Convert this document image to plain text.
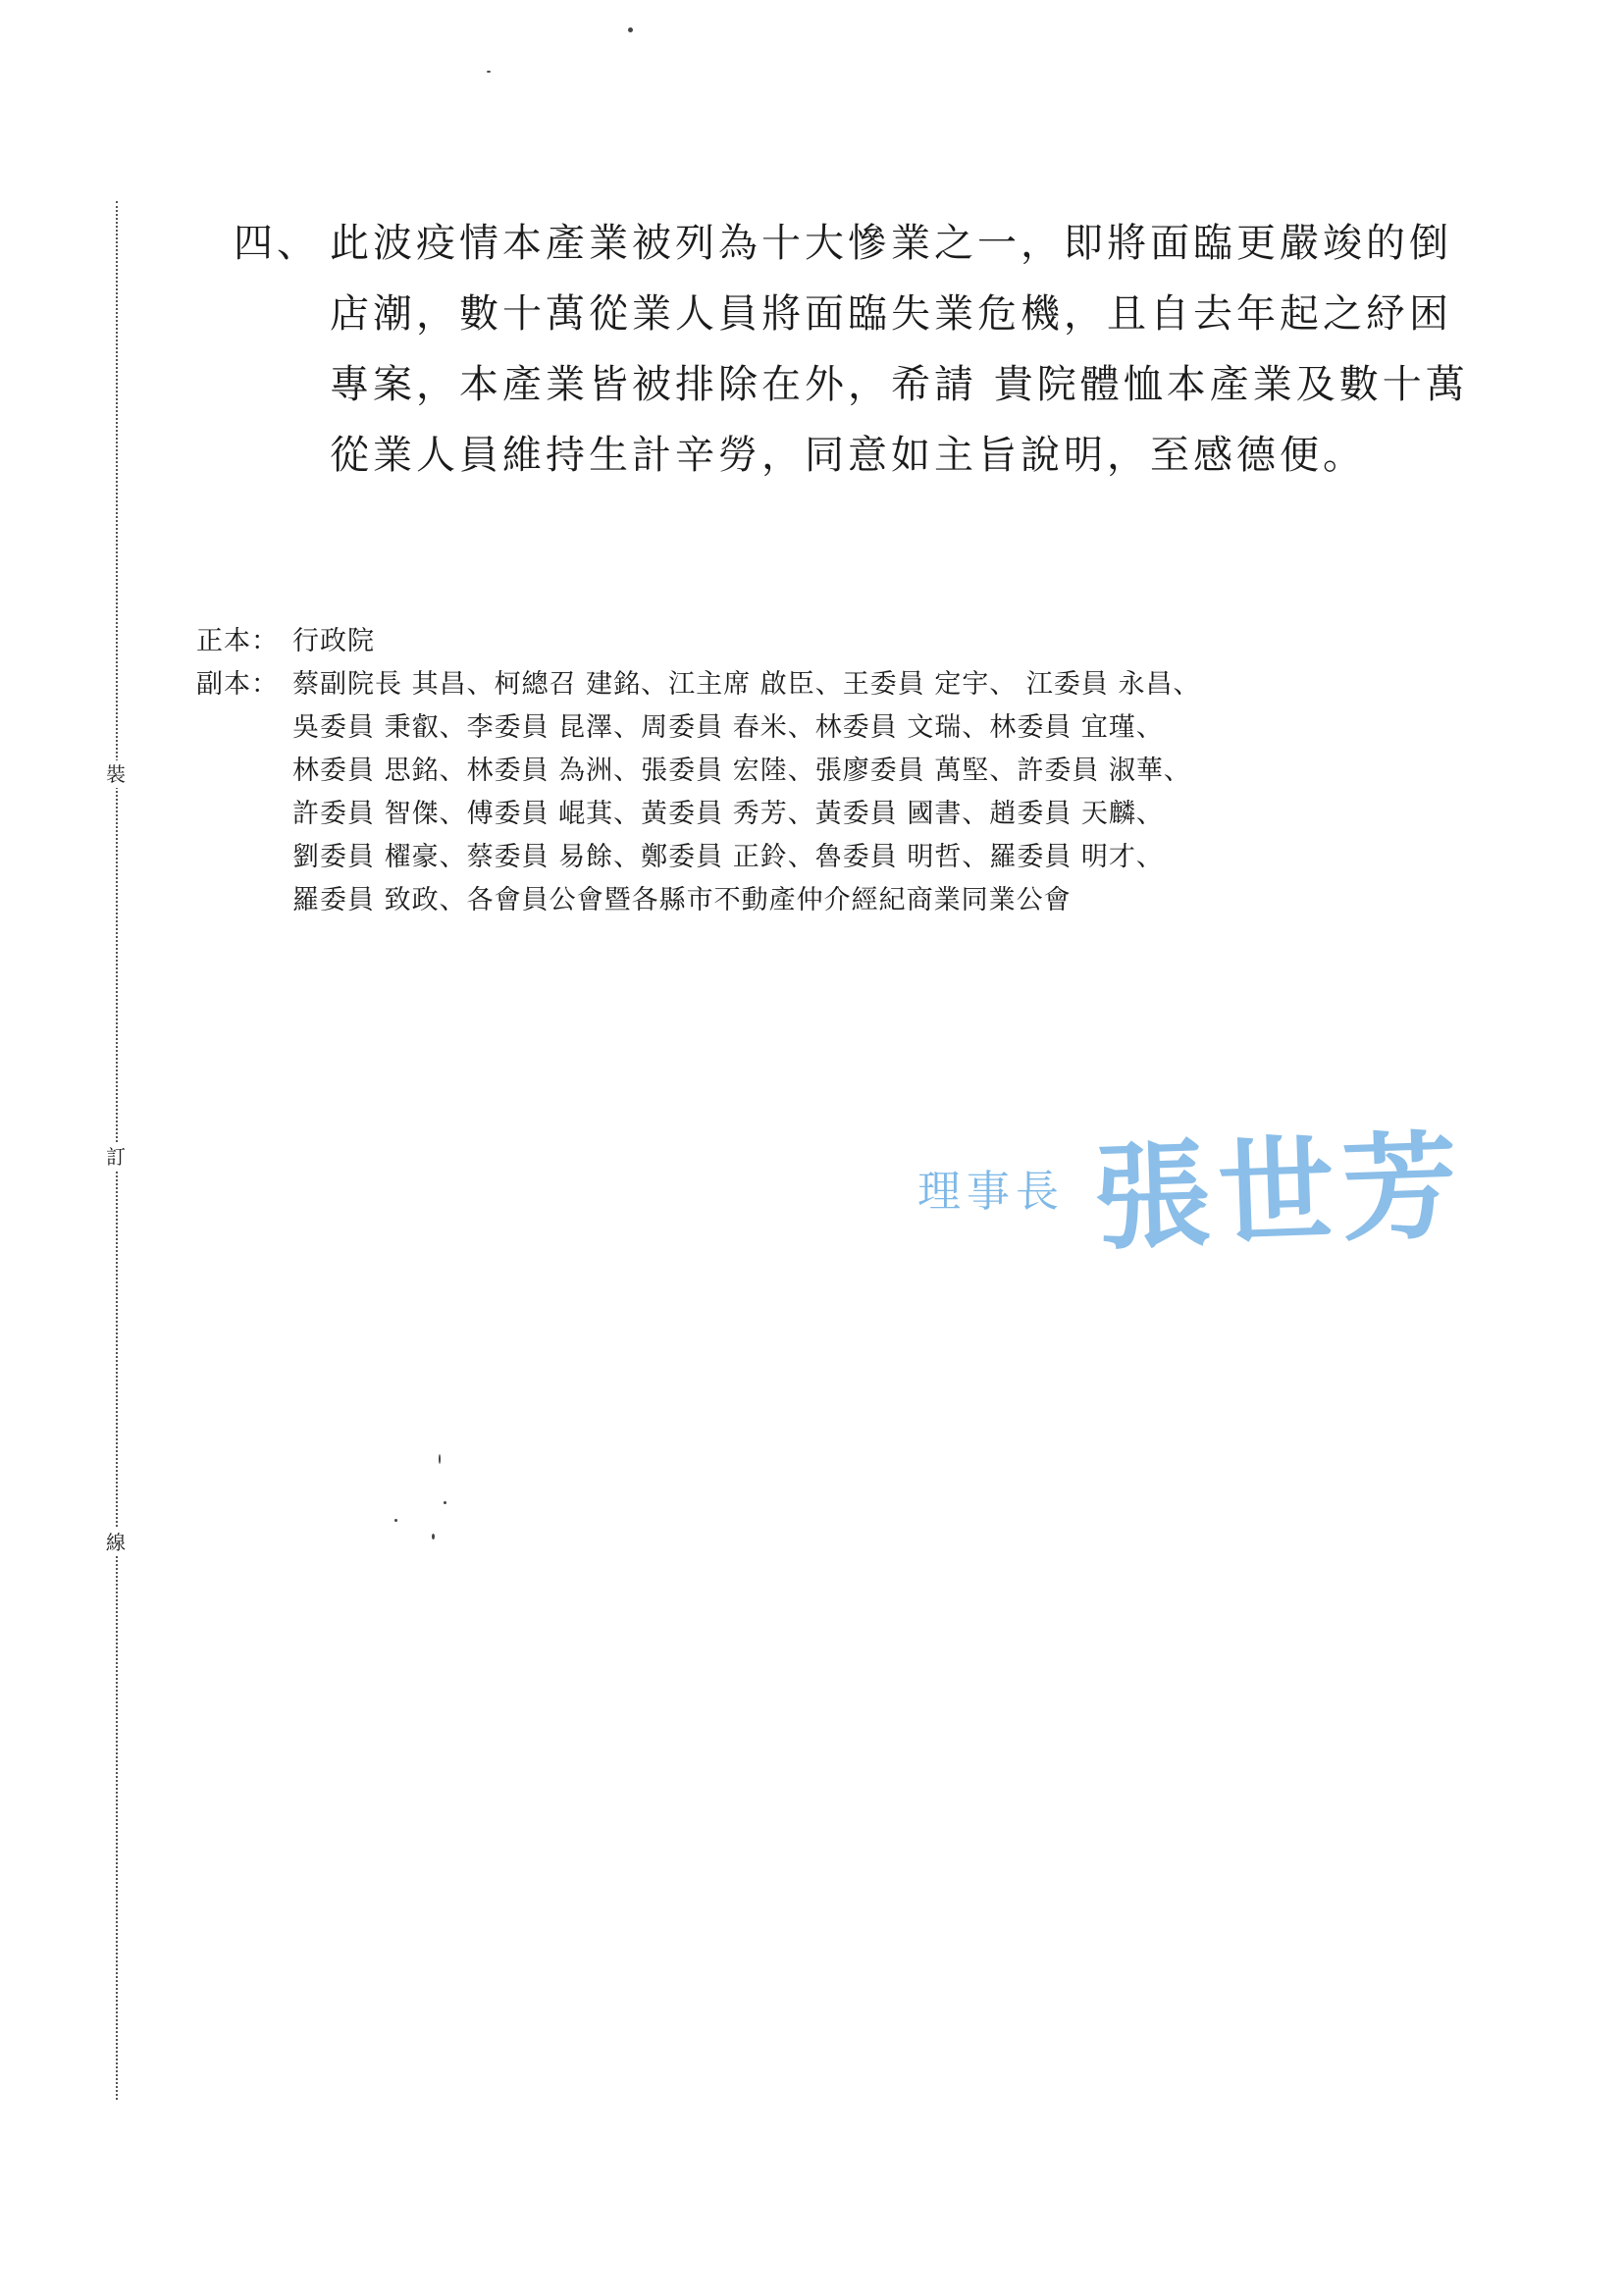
裝
訂
線
四、 此波疫情本產業被列為十大慘業之一，即將面臨更嚴竣的倒
店潮，數十萬從業人員將面臨失業危機，且自去年起之紓困
專案，本產業皆被排除在外，希請 貴院體恤本產業及數十萬
從業人員維持生計辛勞，同意如主旨說明，至感德便。
正本： 行政院
副本： 蔡副院長 其昌、柯總召 建銘、江主席 啟臣、王委員 定宇、 江委員 永昌、
吳委員 秉叡、李委員 昆澤、周委員 春米、林委員 文瑞、林委員 宜瑾、
林委員 思銘、林委員 為洲、張委員 宏陸、張廖委員 萬堅、許委員 淑華、
許委員 智傑、傅委員 崐萁、黃委員 秀芳、黃委員 國書、趙委員 天麟、
劉委員 櫂豪、蔡委員 易餘、鄭委員 正鈴、魯委員 明哲、羅委員 明才、
羅委員 致政、各會員公會暨各縣市不動產仲介經紀商業同業公會
理事長 張世芳
